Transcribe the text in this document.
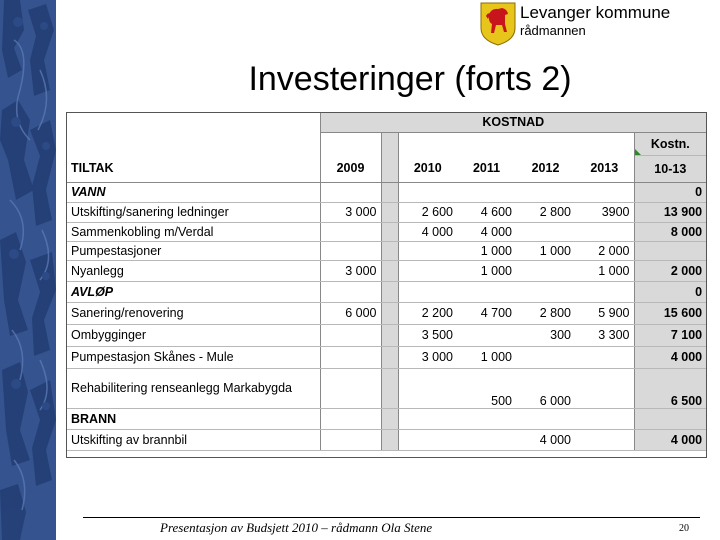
Levanger kommune
rådmannen
Investeringer (forts 2)
	KOSTNAD						

Kostn.
TILTAK	2009		2010	2011	2012	2013	10-13
VANN							0
Utskifting/sanering ledninger	3 000		2 600	4 600	2 800	3900	13 900
Sammenkobling m/Verdal			4 000	4 000			8 000
Pumpestasjoner				1 000	1 000	2 000	
Nyanlegg	3 000			1 000		1 000	2 000
AVLØP							0
Sanering/renovering	6 000		2 200	4 700	2 800	5 900	15 600
Ombygginger			3 500		300	3 300	7 100
Pumpestasjon Skånes - Mule			3 000	1 000			4 000
Rehabilitering renseanlegg Markabygda				500	6 000		6 500
BRANN							
Utskifting av brannbil					4 000		4 000
Presentasjon av Budsjett 2010 – rådmann Ola Stene	20
